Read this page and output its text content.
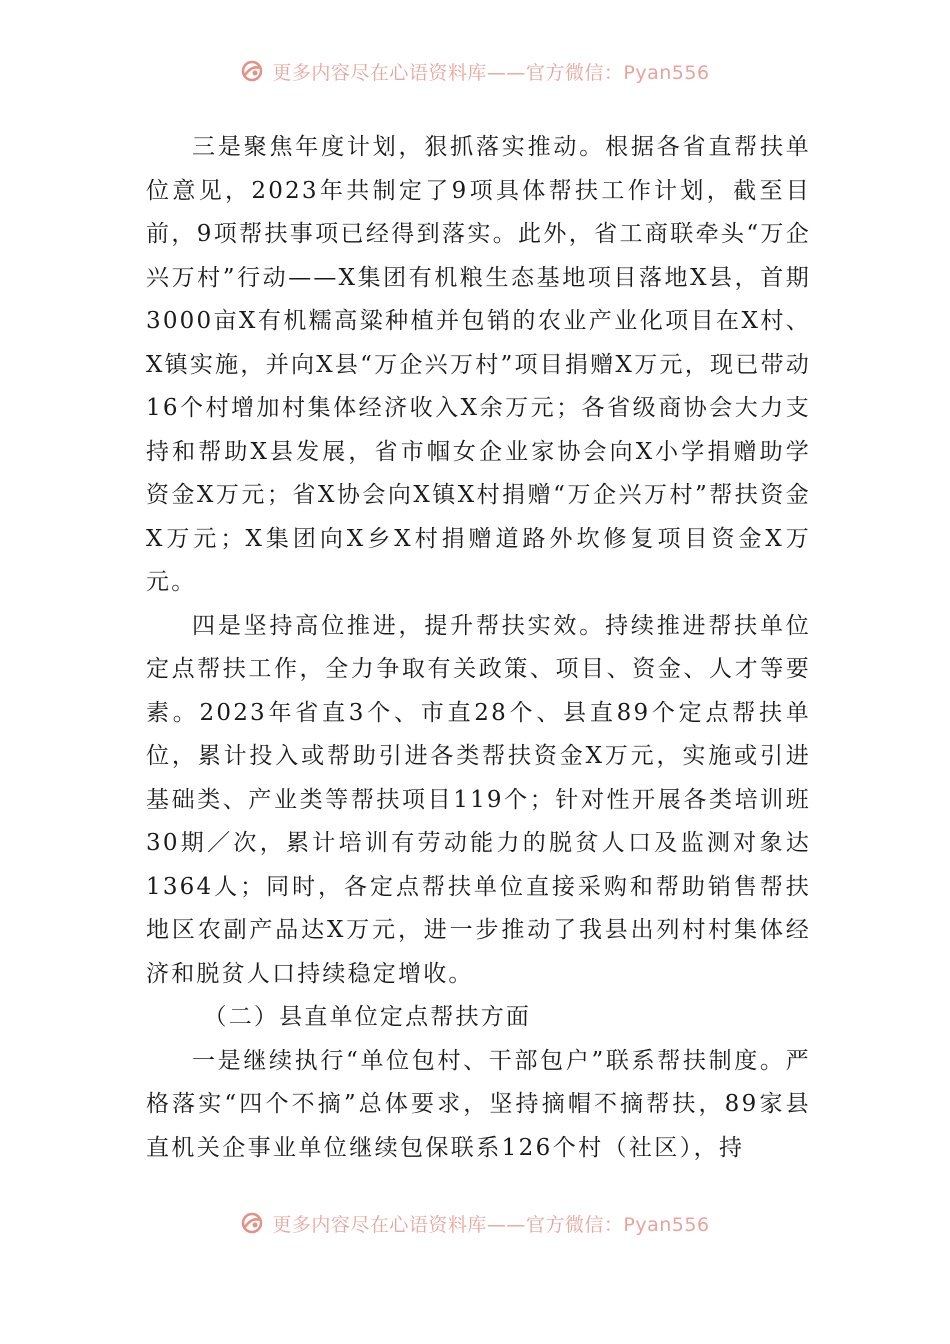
更多内容尽在心语资料库——官方微信：Pyan556

三是聚焦年度计划，狠抓落实推动。根据各省直帮扶单位意见，2023年共制定了9项具体帮扶工作计划，截至目前，9项帮扶事项已经得到落实。此外，省工商联牵头“万企兴万村”行动——X集团有机粮生态基地项目落地X县，首期3000亩X有机糯高粱种植并包销的农业产业化项目在X村、X镇实施，并向X县“万企兴万村”项目捐赠X万元，现已带动16个村增加村集体经济收入X余万元；各省级商协会大力支持和帮助X县发展，省市帼女企业家协会向X小学捐赠助学资金X万元；省X协会向X镇X村捐赠“万企兴万村”帮扶资金X万元；X集团向X乡X村捐赠道路外坎修复项目资金X万元。

四是坚持高位推进，提升帮扶实效。持续推进帮扶单位定点帮扶工作，全力争取有关政策、项目、资金、人才等要素。2023年省直3个、市直28个、县直89个定点帮扶单位，累计投入或帮助引进各类帮扶资金X万元，实施或引进基础类、产业类等帮扶项目119个；针对性开展各类培训班30期／次，累计培训有劳动能力的脱贫人口及监测对象达1364人；同时，各定点帮扶单位直接采购和帮助销售帮扶地区农副产品达X万元，进一步推动了我县出列村村集体经济和脱贫人口持续稳定增收。

（二）县直单位定点帮扶方面

一是继续执行“单位包村、干部包户”联系帮扶制度。严格落实“四个不摘”总体要求，坚持摘帽不摘帮扶，89家县直机关企事业单位继续包保联系126个村（社区），持

更多内容尽在心语资料库——官方微信：Pyan556
